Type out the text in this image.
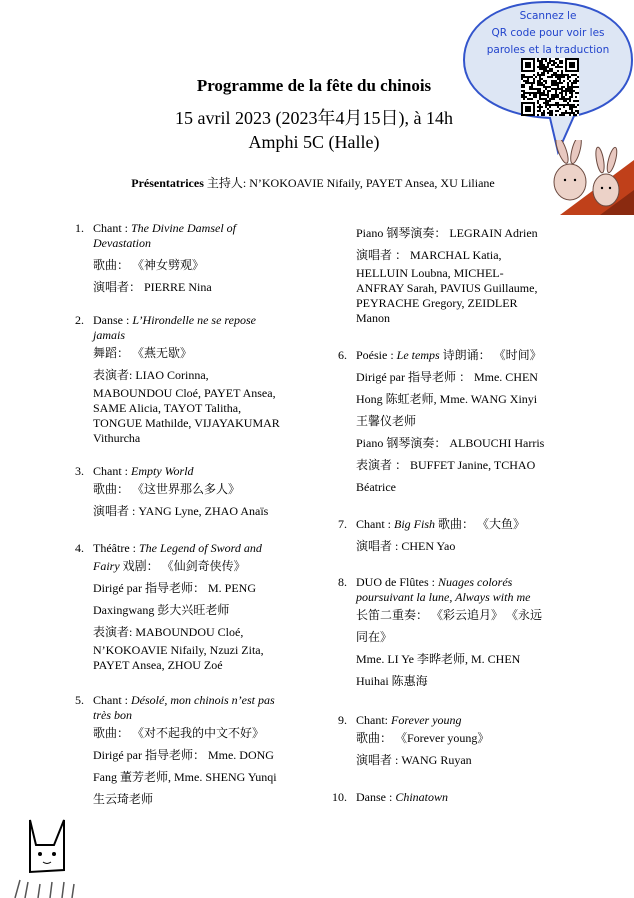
Scannez le
QR code pour voir les
paroles et la traduction
Programme de la fête du chinois
15 avril 2023 (2023年4月15日), à 14h
Amphi 5C (Halle)
Présentatrices 主持人: N’KOKOAVIE Nifaily, PAYET Ansea, XU Liliane
1. Chant : The Divine Damsel of
Devastation
歌曲： 《神女劈观》
演唱者： PIERRE Nina
2. Danse : L’Hirondelle ne se repose
jamais
舞蹈： 《燕无歇》
表演者: LIAO Corinna,
MABOUNDOU Cloé, PAYET Ansea,
SAME Alicia, TAYOT Talitha,
TONGUE Mathilde, VIJAYAKUMAR
Vithurcha
3. Chant : Empty World
歌曲： 《这世界那么多人》
演唱者 : YANG Lyne, ZHAO Anaïs
4. Théâtre : The Legend of Sword and
Fairy 戏剧： 《仙剑奇侠传》
Dirigé par 指导老师： M. PENG
Daxingwang 彭大兴旺老师
表演者: MABOUNDOU Cloé,
N’KOKOAVIE Nifaily, Nzuzi Zita,
PAYET Ansea, ZHOU Zoé
5. Chant : Désolé, mon chinois n’est pas
très bon
歌曲： 《对不起我的中文不好》
Dirigé par 指导老师： Mme. DONG
Fang 董芳老师, Mme. SHENG Yunqi
生云琦老师
Piano 钢琴演奏： LEGRAIN Adrien
演唱者 ： MARCHAL Katia,
HELLUIN Loubna, MICHEL-
ANFRAY Sarah, PAVIUS Guillaume,
PEYRACHE Gregory, ZEIDLER
Manon
6. Poésie : Le temps 诗朗诵： 《时间》
Dirigé par 指导老师 ： Mme. CHEN
Hong 陈虹老师, Mme. WANG Xinyi
王馨仪老师
Piano 钢琴演奏： ALBOUCHI Harris
表演者 ： BUFFET Janine, TCHAO
Béatrice
7. Chant : Big Fish 歌曲： 《大鱼》
演唱者 : CHEN Yao
8. DUO de Flûtes : Nuages colorés
poursuivant la lune, Always with me
长笛二重奏： 《彩云追月》 《永远
同在》
Mme. LI Ye 李晔老师, M. CHEN
Huihai 陈惠海
9. Chant: Forever young
歌曲： 《Forever young》
演唱者 : WANG Ruyan
10. Danse : Chinatown
